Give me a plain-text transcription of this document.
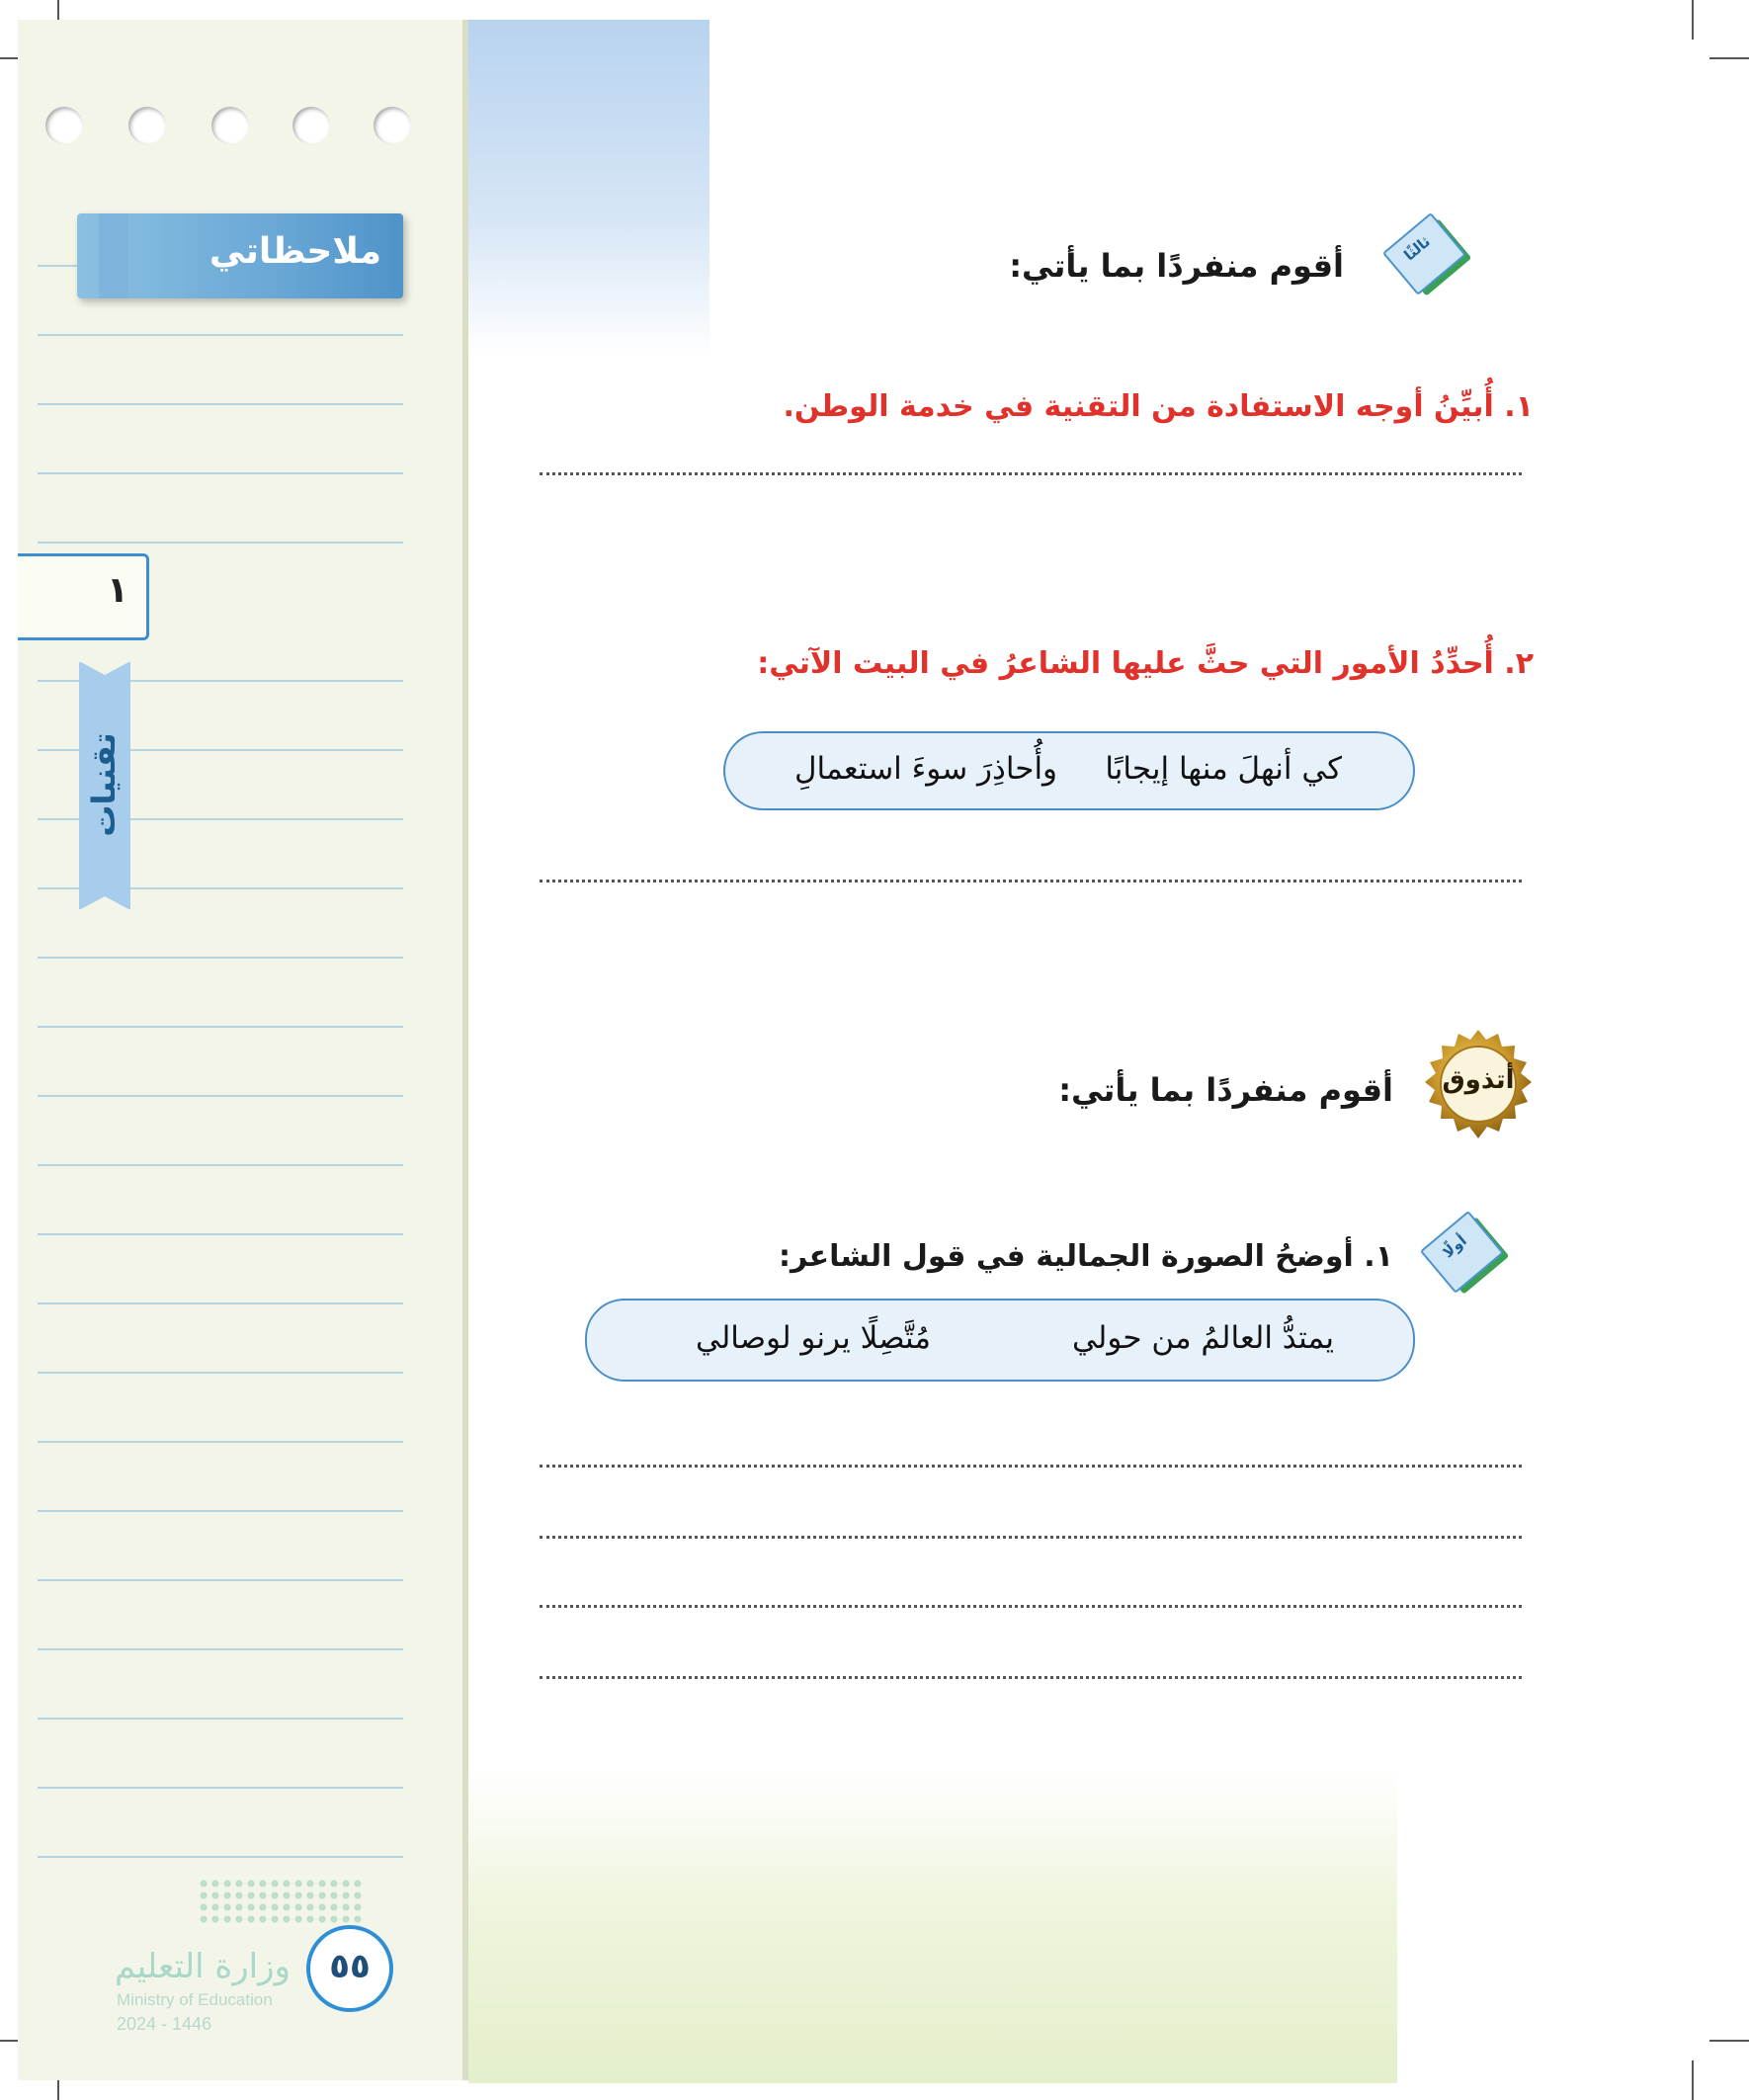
ملاحظاتي
١
تقنيات
٥٥
وزارة التعليم
Ministry of Education
2024 - 1446
ثالثًا
أقوم منفردًا بما يأتي:
١. أُبيِّنُ أوجه الاستفادة من التقنية في خدمة الوطن.
٢. أُحدِّدُ الأمور التي حثَّ عليها الشاعرُ في البيت الآتي:
كي أنهلَ منها إيجابًا
وأُحاذِرَ سوءَ استعمالِ
أتذوق
أقوم منفردًا بما يأتي:
أولًا
١. أوضحُ الصورة الجمالية في قول الشاعر:
يمتدُّ العالمُ من حولي
مُتَّصِلًا يرنو لوصالي
